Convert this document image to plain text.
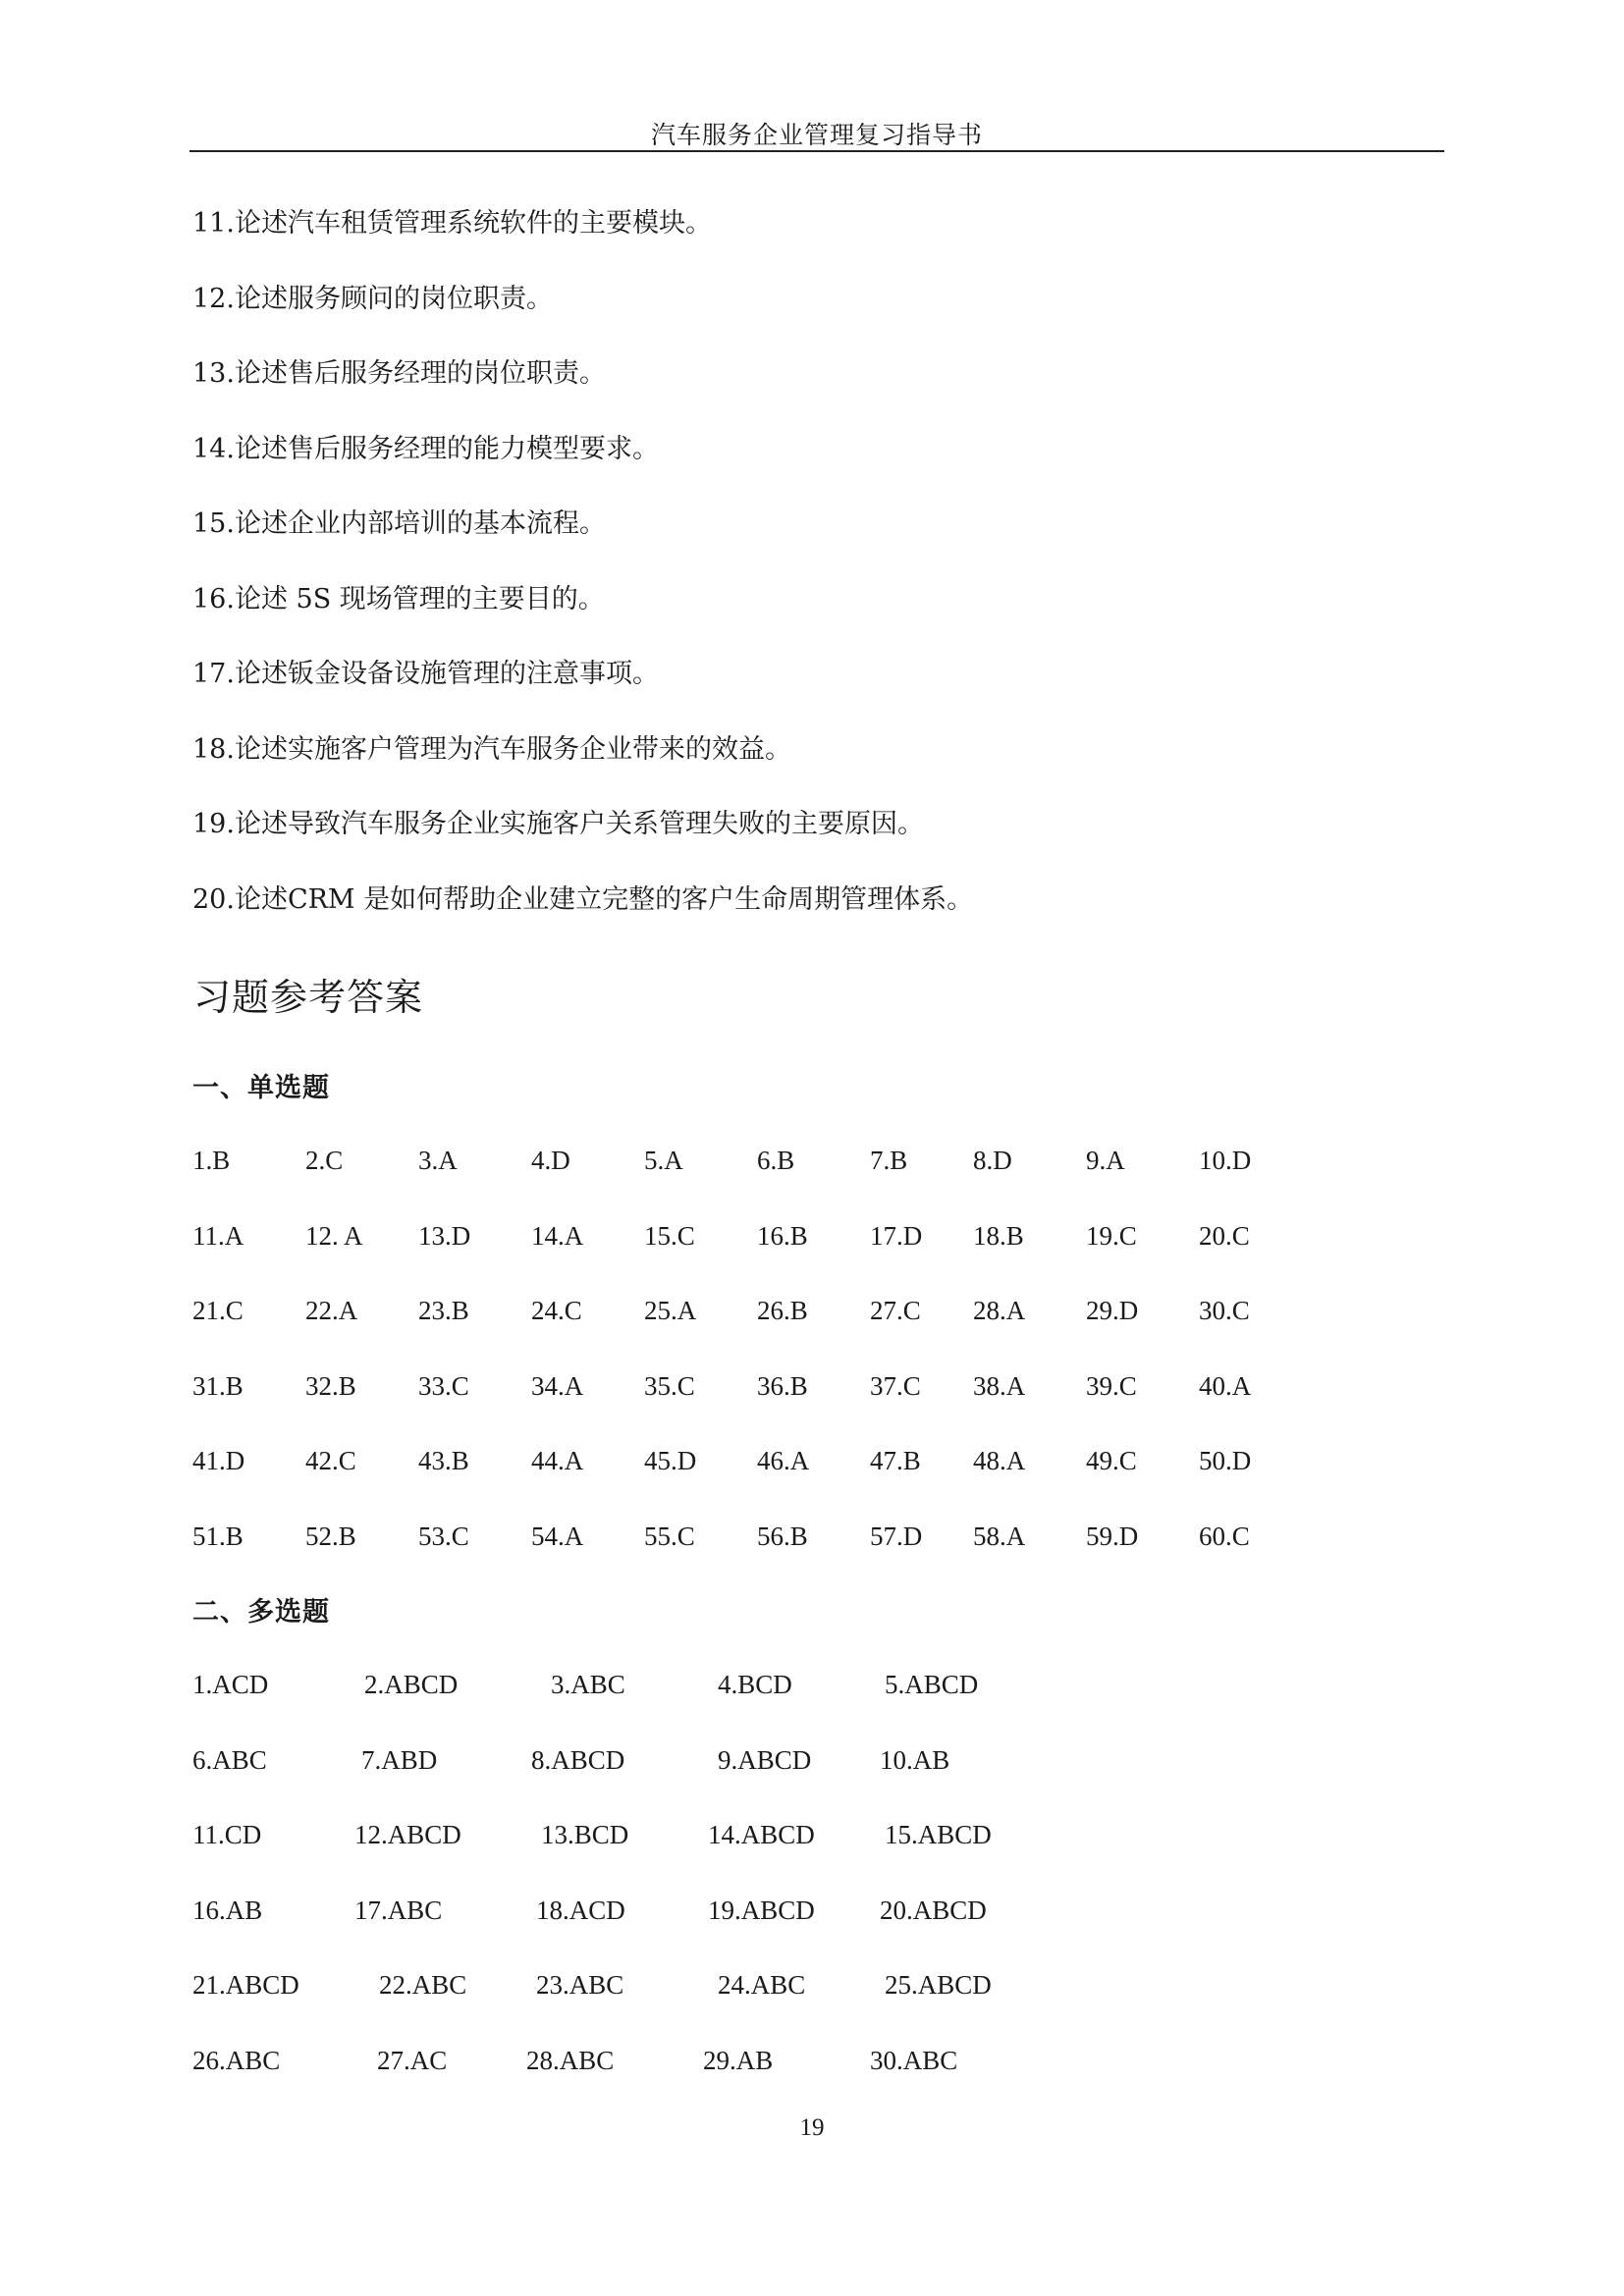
汽车服务企业管理复习指导书
11.论述汽车租赁管理系统软件的主要模块。
12.论述服务顾问的岗位职责。
13.论述售后服务经理的岗位职责。
14.论述售后服务经理的能力模型要求。
15.论述企业内部培训的基本流程。
16.论述 5S 现场管理的主要目的。
17.论述钣金设备设施管理的注意事项。
18.论述实施客户管理为汽车服务企业带来的效益。
19.论述导致汽车服务企业实施客户关系管理失败的主要原因。
20.论述CRM 是如何帮助企业建立完整的客户生命周期管理体系。
习题参考答案
一、单选题
1.B	2.C	3.A	4.D	5.A	6.B	7.B 8.D	9.A	10.D
11.A 12. A 13.D 14.A 15.C 16.B 17.D 18.B 19.C 20.C
21.C 22.A 23.B 24.C 25.A 26.B 27.C 28.A 29.D 30.C
31.B 32.B 33.C 34.A 35.C 36.B 37.C 38.A 39.C 40.A
41.D 42.C 43.B 44.A 45.D 46.A 47.B 48.A 49.C 50.D
51.B 52.B 53.C 54.A 55.C 56.B 57.D 58.A 59.D 60.C
二、多选题
1.ACD	2.ABCD	3.ABC	4.BCD	5.ABCD
6.ABC	7.ABD	8.ABCD	9.ABCD	10.AB
11.CD	12.ABCD	13.BCD	14.ABCD	15.ABCD
16.AB	17.ABC	18.ACD	19.ABCD 20.ABCD
21.ABCD	22.ABC	23.ABC	24.ABC	25.ABCD
26.ABC	27.AC	28.ABC	29.AB	30.ABC
19
